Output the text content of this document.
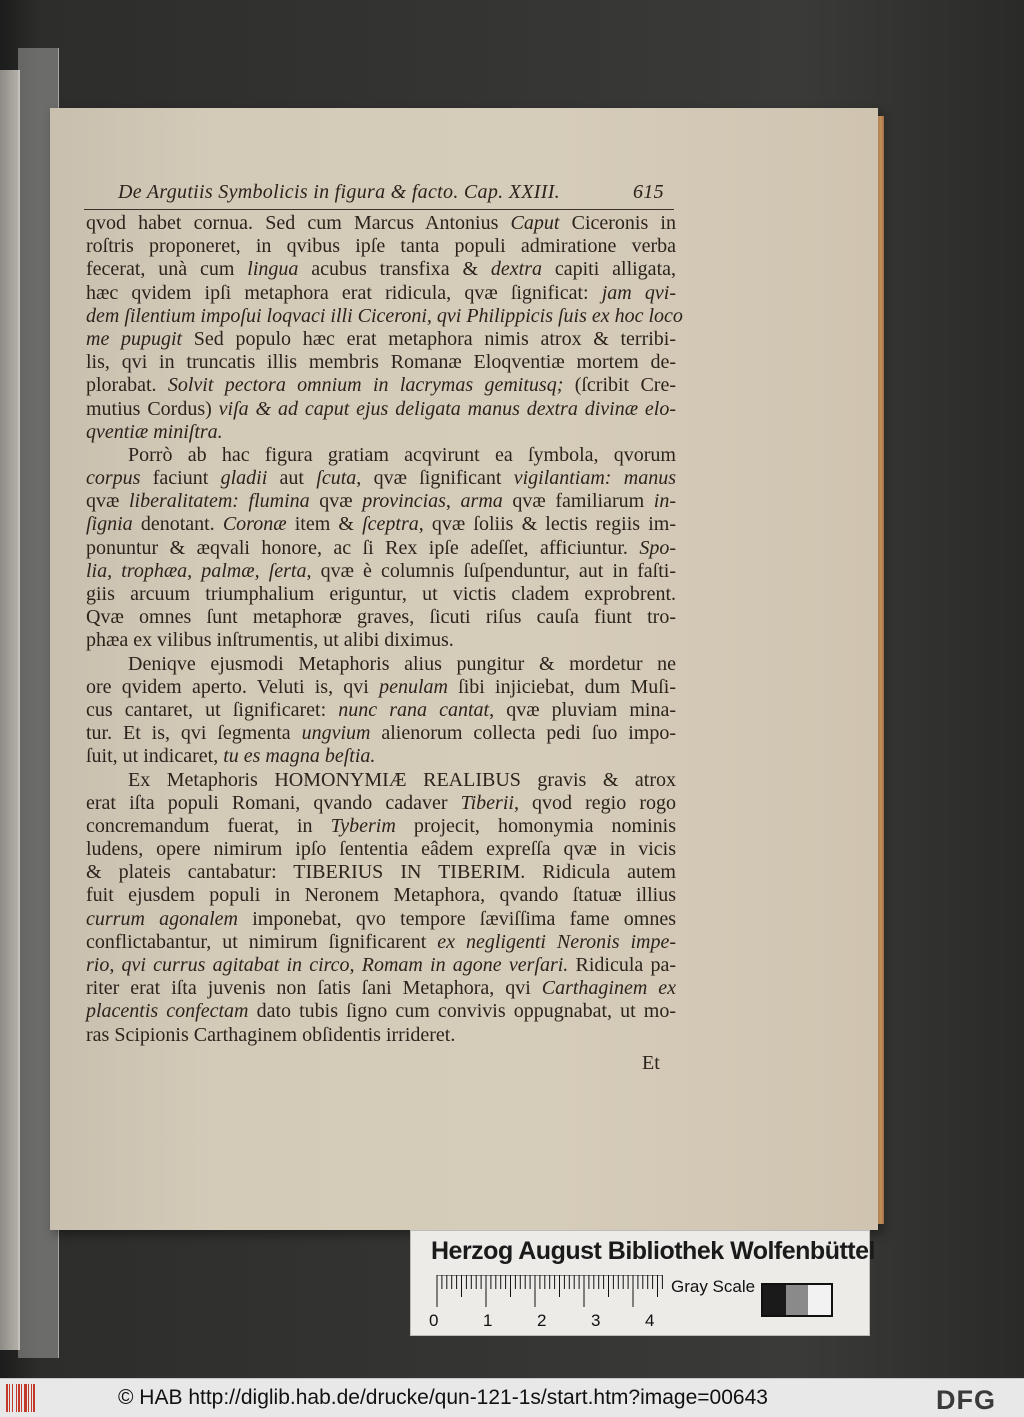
De Argutiis Symbolicis in figura & facto. Cap. XXIII.	615
qvod habet cornua. Sed cum Marcus Antonius Caput Ciceronis in
roſtris proponeret, in qvibus ipſe tanta populi admiratione verba
fecerat, unà cum lingua acubus transfixa & dextra capiti alligata,
hæc qvidem ipſi metaphora erat ridicula, qvæ ſignificat: jam qvi-
dem ſilentium impoſui loqvaci illi Ciceroni, qvi Philippicis ſuis ex hoc loco
me pupugit Sed populo hæc erat metaphora nimis atrox & terribi-
lis, qvi in truncatis illis membris Romanæ Eloqventiæ mortem de-
plorabat. Solvit pectora omnium in lacrymas gemitusq; (ſcribit Cre-
mutius Cordus) viſa & ad caput ejus deligata manus dextra divinæ elo-
qventiæ miniſtra.
Porrò ab hac figura gratiam acqvirunt ea ſymbola, qvorum
corpus faciunt gladii aut ſcuta, qvæ ſignificant vigilantiam: manus
qvæ liberalitatem: flumina qvæ provincias, arma qvæ familiarum in-
ſignia denotant. Coronæ item & ſceptra, qvæ ſoliis & lectis regiis im-
ponuntur & æqvali honore, ac ſi Rex ipſe adeſſet, afficiuntur. Spo-
lia, trophæa, palmæ, ſerta, qvæ è columnis ſuſpenduntur, aut in faſti-
giis arcuum triumphalium eriguntur, ut victis cladem exprobrent.
Qvæ omnes ſunt metaphoræ graves, ſicuti riſus cauſa fiunt tro-
phæa ex vilibus inſtrumentis, ut alibi diximus.
Deniqve ejusmodi Metaphoris alius pungitur & mordetur ne
ore qvidem aperto. Veluti is, qvi penulam ſibi injiciebat, dum Muſi-
cus cantaret, ut ſignificaret: nunc rana cantat, qvæ pluviam mina-
tur. Et is, qvi ſegmenta ungvium alienorum collecta pedi ſuo impo-
ſuit, ut indicaret, tu es magna beſtia.
Ex Metaphoris HOMONYMIÆ REALIBUS gravis & atrox
erat iſta populi Romani, qvando cadaver Tiberii, qvod regio rogo
concremandum fuerat, in Tyberim projecit, homonymia nominis
ludens, opere nimirum ipſo ſententia eâdem expreſſa qvæ in vicis
& plateis cantabatur: TIBERIUS IN TIBERIM. Ridicula autem
fuit ejusdem populi in Neronem Metaphora, qvando ſtatuæ illius
currum agonalem imponebat, qvo tempore ſæviſſima fame omnes
conflictabantur, ut nimirum ſignificarent ex negligenti Neronis impe-
rio, qvi currus agitabat in circo, Romam in agone verſari. Ridicula pa-
riter erat iſta juvenis non ſatis ſani Metaphora, qvi Carthaginem ex
placentis confectam dato tubis ſigno cum convivis oppugnabat, ut mo-
ras Scipionis Carthaginem obſidentis irrideret.
Et
Herzog August Bibliothek Wolfenbüttel
0	1	2	3	4
Gray Scale
© HAB http://diglib.hab.de/drucke/qun-121-1s/start.htm?image=00643	DFG
